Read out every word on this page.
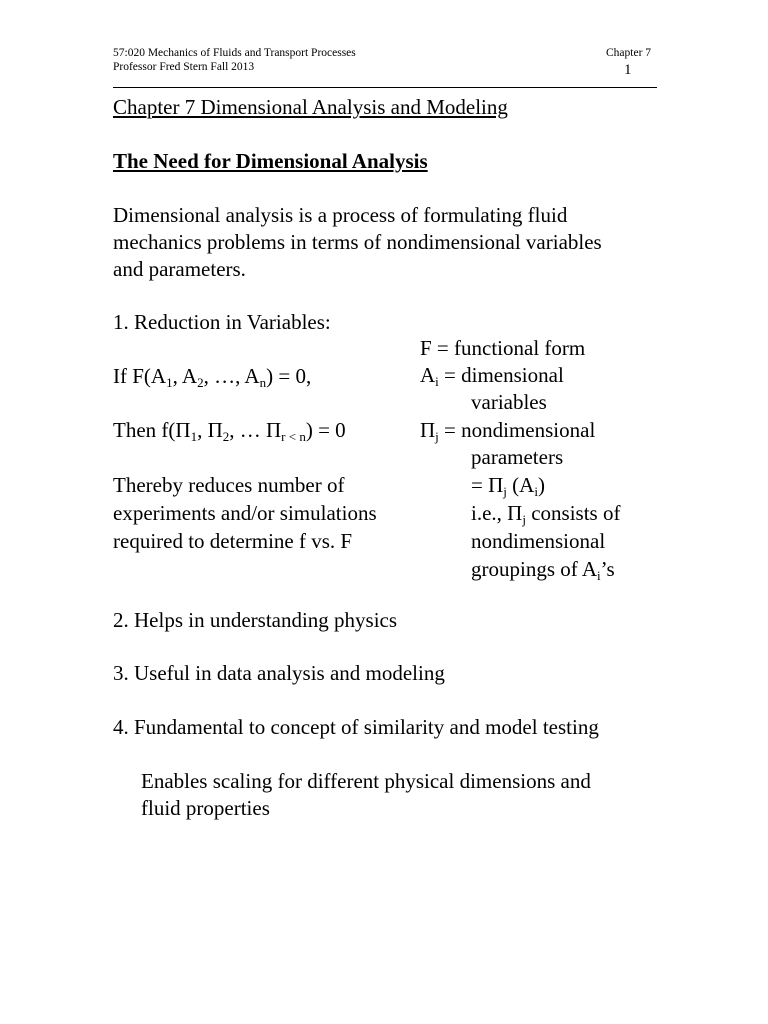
57:020 Mechanics of Fluids and Transport Processes
Professor Fred Stern Fall 2013
Chapter 7
1
Chapter 7 Dimensional Analysis and Modeling
The Need for Dimensional Analysis
Dimensional analysis is a process of formulating fluid
mechanics problems in terms of nondimensional variables
and parameters.
1. Reduction in Variables:
If $F(A_1$, $A_2$, …, $A_n) = 0$,
Then $f(\Pi_1$, $\Pi_2$, … $\Pi_{r < n}) = 0$
Thereby reduces number of
experiments and/or simulations
required to determine f vs. F
F = functional form
$A_i$ = dimensional
variables
$\Pi_j$ = nondimensional
parameters
= $\Pi_j$ $(A_i)$
i.e., $\Pi_j$ consists of
nondimensional
groupings of $A_i’s$
2. Helps in understanding physics
3. Useful in data analysis and modeling
4. Fundamental to concept of similarity and model testing
Enables scaling for different physical dimensions and
fluid properties
